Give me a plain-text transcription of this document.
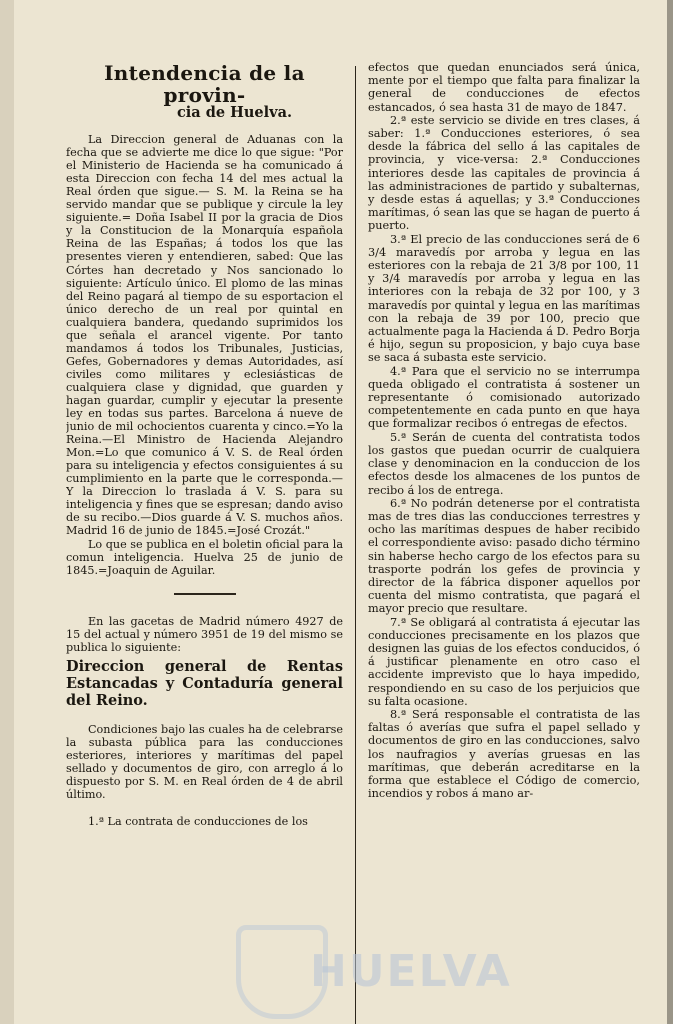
Intendencia de la provin-
cia de Huelva.

La Direccion general de Aduanas con la fecha que se advierte me dice lo que sigue: "Por el Ministerio de Hacienda se ha comunicado á esta Direccion con fecha 14 del mes actual la Real órden que sigue.— S. M. la Reina se ha servido mandar que se publique y circule la ley siguiente.= Doña Isabel II por la gracia de Dios y la Constitucion de la Monarquía española Reina de las Españas; á todos los que las presentes vieren y entendieren, sabed: Que las Córtes han decretado y Nos sancionado lo siguiente: Artículo único. El plomo de las minas del Reino pagará al tiempo de su esportacion el único derecho de un real por quintal en cualquiera bandera, quedando suprimidos los que señala el arancel vigente. Por tanto mandamos á todos los Tribunales, Justicias, Gefes, Gobernadores y demas Autoridades, así civiles como militares y eclesiásticas de cualquiera clase y dignidad, que guarden y hagan guardar, cumplir y ejecutar la presente ley en todas sus partes. Barcelona á nueve de junio de mil ochocientos cuarenta y cinco.=Yo la Reina.—El Ministro de Hacienda Alejandro Mon.=Lo que comunico á V. S. de Real órden para su inteligencia y efectos consiguientes á su cumplimiento en la parte que le corresponda.—Y la Direccion lo traslada á V. S. para su inteligencia y fines que se espresan; dando aviso de su recibo.—Dios guarde á V. S. muchos años. Madrid 16 de junio de 1845.=José Crozát."

Lo que se publica en el boletin oficial para la comun inteligencia. Huelva 25 de junio de 1845.=Joaquin de Aguilar.

En las gacetas de Madrid número 4927 de 15 del actual y número 3951 de 19 del mismo se publica lo siguiente:

Direccion general de Rentas Estancadas y Contaduría general del Reino.

Condiciones bajo las cuales ha de celebrarse la subasta pública para las conducciones esteriores, interiores y marítimas del papel sellado y documentos de giro, con arreglo á lo dispuesto por S. M. en Real órden de 4 de abril último.

1.ª La contrata de conducciones de los

efectos que quedan enunciados será única, mente por el tiempo que falta para finalizar la general de conducciones de efectos estancados, ó sea hasta 31 de mayo de 1847.

2.ª este servicio se divide en tres clases, á saber: 1.ª Conducciones esteriores, ó sea desde la fábrica del sello á las capitales de provincia, y vice-versa: 2.ª Conducciones interiores desde las capitales de provincia á las administraciones de partido y subalternas, y desde estas á aquellas; y 3.ª Conducciones marítimas, ó sean las que se hagan de puerto á puerto.

3.ª El precio de las conducciones será de 6 3/4 maravedís por arroba y legua en las esteriores con la rebaja de 21 3/8 por 100, 11 y 3/4 maravedís por arroba y legua en las interiores con la rebaja de 32 por 100, y 3 maravedís por quintal y legua en las marítimas con la rebaja de 39 por 100, precio que actualmente paga la Hacienda á D. Pedro Borja é hijo, segun su proposicion, y bajo cuya base se saca á subasta este servicio.

4.ª Para que el servicio no se interrumpa queda obligado el contratista á sostener un representante ó comisionado autorizado competentemente en cada punto en que haya que formalizar recibos ó entregas de efectos.

5.ª Serán de cuenta del contratista todos los gastos que puedan ocurrir de cualquiera clase y denominacion en la conduccion de los efectos desde los almacenes de los puntos de recibo á los de entrega.

6.ª No podrán detenerse por el contratista mas de tres dias las conducciones terrestres y ocho las marítimas despues de haber recibido el correspondiente aviso: pasado dicho término sin haberse hecho cargo de los efectos para su trasporte podrán los gefes de provincia y director de la fábrica disponer aquellos por cuenta del mismo contratista, que pagará el mayor precio que resultare.

7.ª Se obligará al contratista á ejecutar las conducciones precisamente en los plazos que designen las guias de los efectos conducidos, ó á justificar plenamente en otro caso el accidente imprevisto que lo haya impedido, respondiendo en su caso de los perjuicios que su falta ocasione.

8.ª Será responsable el contratista de las faltas ó averías que sufra el papel sellado y documentos de giro en las conducciones, salvo los naufragios y averías gruesas en las marítimas, que deberán acreditarse en la forma que establece el Código de comercio, incendios y robos á mano ar-

HUELVA
